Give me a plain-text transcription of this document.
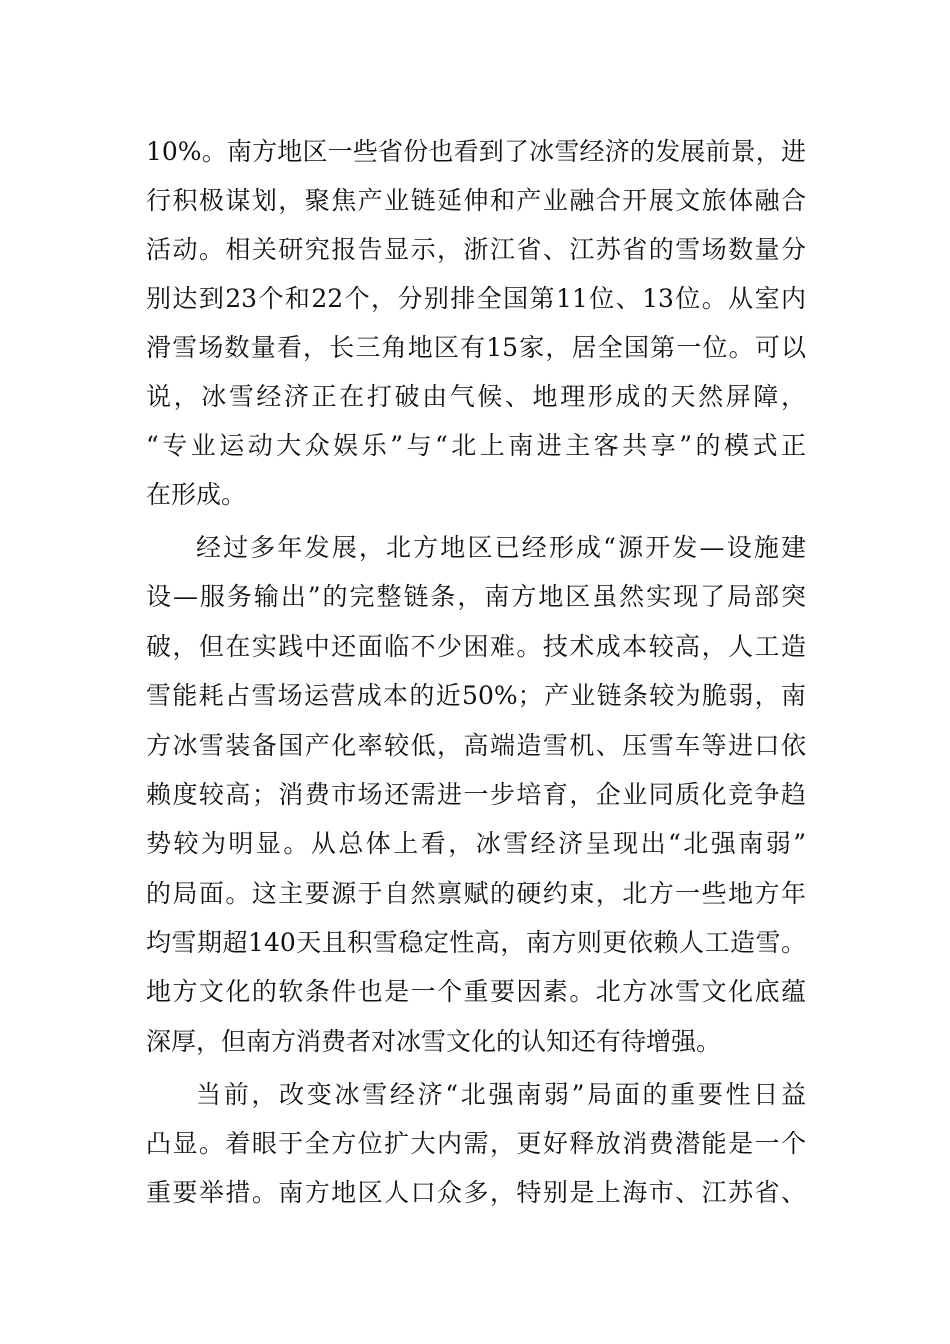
10%。南方地区一些省份也看到了冰雪经济的发展前景，进
行积极谋划，聚焦产业链延伸和产业融合开展文旅体融合
活动。相关研究报告显示，浙江省、江苏省的雪场数量分
别达到23个和22个，分别排全国第11位、13位。从室内
滑雪场数量看，长三角地区有15家，居全国第一位。可以
说，冰雪经济正在打破由气候、地理形成的天然屏障，
“专业运动大众娱乐”与“北上南进主客共享”的模式正
在形成。
经过多年发展，北方地区已经形成“源开发—设施建
设—服务输出”的完整链条，南方地区虽然实现了局部突
破，但在实践中还面临不少困难。技术成本较高，人工造
雪能耗占雪场运营成本的近50%；产业链条较为脆弱，南
方冰雪装备国产化率较低，高端造雪机、压雪车等进口依
赖度较高；消费市场还需进一步培育，企业同质化竞争趋
势较为明显。从总体上看，冰雪经济呈现出“北强南弱”
的局面。这主要源于自然禀赋的硬约束，北方一些地方年
均雪期超140天且积雪稳定性高，南方则更依赖人工造雪。
地方文化的软条件也是一个重要因素。北方冰雪文化底蕴
深厚，但南方消费者对冰雪文化的认知还有待增强。
当前，改变冰雪经济“北强南弱”局面的重要性日益
凸显。着眼于全方位扩大内需，更好释放消费潜能是一个
重要举措。南方地区人口众多，特别是上海市、江苏省、
